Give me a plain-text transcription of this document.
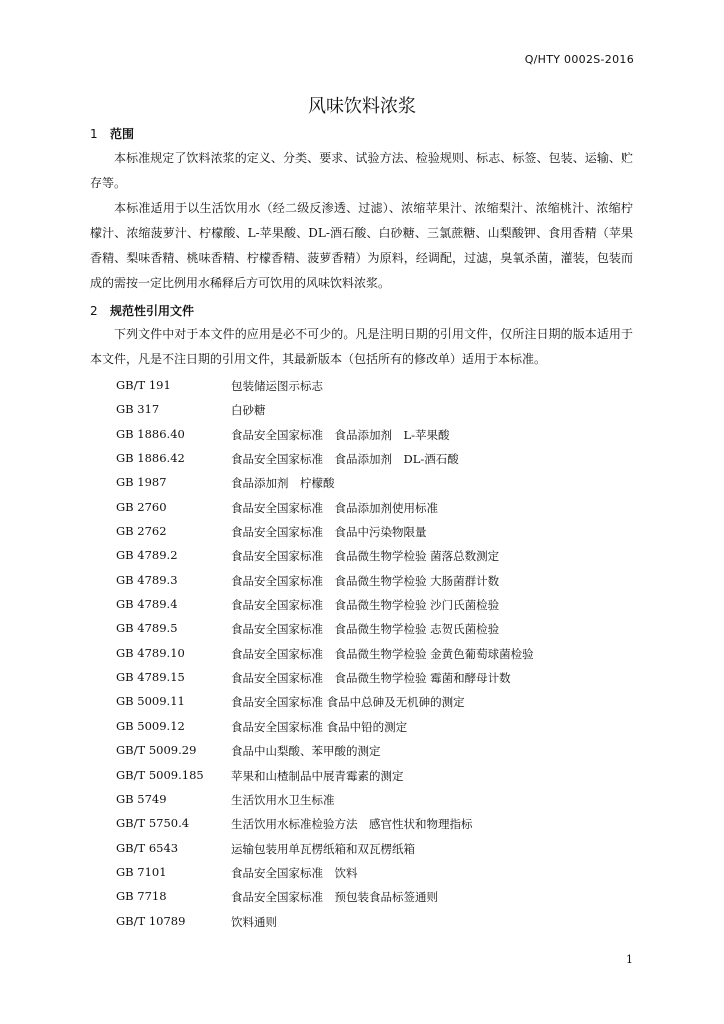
Q/HTY 0002S-2016
风味饮料浓浆
1 范围

本标准规定了饮料浓浆的定义、分类、要求、试验方法、检验规则、标志、标签、包装、运输、贮存等。

本标准适用于以生活饮用水（经二级反渗透、过滤）、浓缩苹果汁、浓缩梨汁、浓缩桃汁、浓缩柠檬汁、浓缩菠萝汁、柠檬酸、L-苹果酸、DL-酒石酸、白砂糖、三氯蔗糖、山梨酸钾、食用香精（苹果香精、梨味香精、桃味香精、柠檬香精、菠萝香精）为原料，经调配，过滤，臭氧杀菌，灌装，包装而成的需按一定比例用水稀释后方可饮用的风味饮料浓浆。

2 规范性引用文件

下列文件中对于本文件的应用是必不可少的。凡是注明日期的引用文件，仅所注日期的版本适用于本文件，凡是不注日期的引用文件，其最新版本（包括所有的修改单）适用于本标准。

GB/T 191	包装储运图示标志
GB 317	白砂糖
GB 1886.40	食品安全国家标准　食品添加剂　L-苹果酸
GB 1886.42	食品安全国家标准　食品添加剂　DL-酒石酸
GB 1987	食品添加剂　柠檬酸
GB 2760	食品安全国家标准　食品添加剂使用标准
GB 2762	食品安全国家标准　食品中污染物限量
GB 4789.2	食品安全国家标准　食品微生物学检验 菌落总数测定
GB 4789.3	食品安全国家标准　食品微生物学检验 大肠菌群计数
GB 4789.4	食品安全国家标准　食品微生物学检验 沙门氏菌检验
GB 4789.5	食品安全国家标准　食品微生物学检验 志贺氏菌检验
GB 4789.10	食品安全国家标准　食品微生物学检验 金黄色葡萄球菌检验
GB 4789.15	食品安全国家标准　食品微生物学检验 霉菌和酵母计数
GB 5009.11	食品安全国家标准 食品中总砷及无机砷的测定
GB 5009.12	食品安全国家标准 食品中铅的测定
GB/T 5009.29	食品中山梨酸、苯甲酸的测定
GB/T 5009.185 苹果和山楂制品中展青霉素的测定
GB 5749	生活饮用水卫生标准
GB/T 5750.4	生活饮用水标准检验方法　感官性状和物理指标
GB/T 6543	运输包装用单瓦楞纸箱和双瓦楞纸箱
GB 7101	食品安全国家标准　饮料
GB 7718	食品安全国家标准　预包装食品标签通则
GB/T 10789	饮料通则
1
